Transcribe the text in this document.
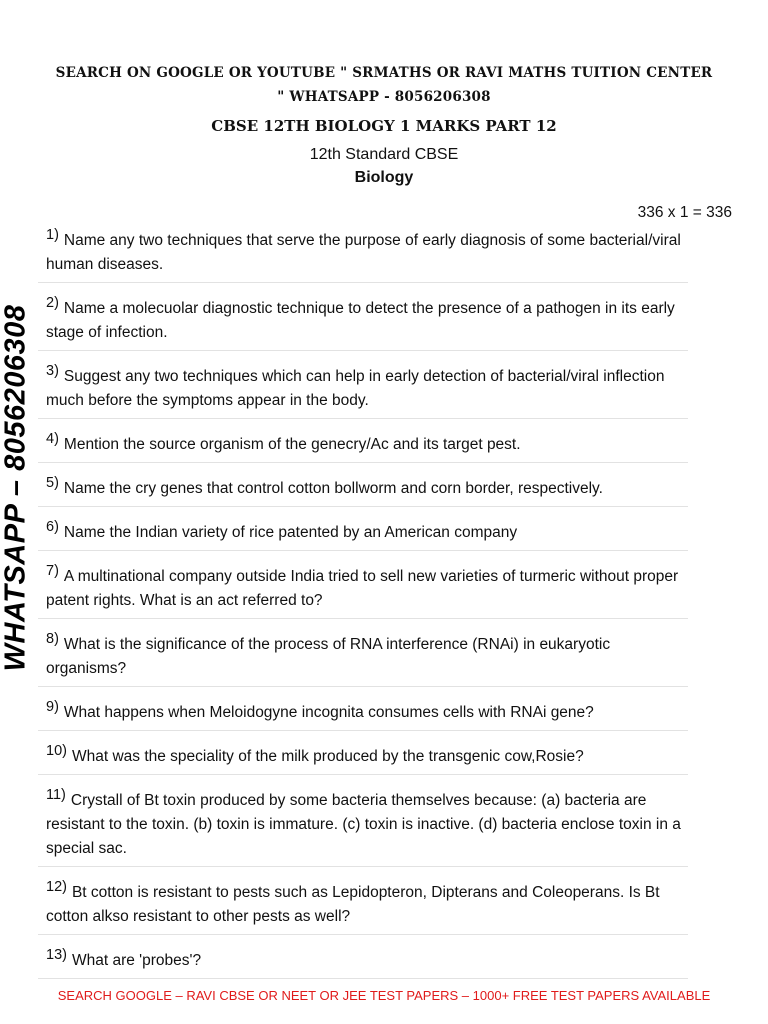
SEARCH ON GOOGLE OR YOUTUBE " SRMATHS OR RAVI MATHS TUITION CENTER
" WHATSAPP - 8056206308
CBSE 12TH BIOLOGY 1 MARKS PART 12
12th Standard CBSE
Biology
336 x 1 = 336
WHATSAPP – 8056206308
1) Name any two techniques that serve the purpose of early diagnosis of some bacterial/viral human diseases.
2) Name a molecuolar diagnostic technique to detect the presence of a pathogen in its early stage of infection.
3) Suggest any two techniques which can help in early detection of bacterial/viral inflection much before the symptoms appear in the body.
4) Mention the source organism of the genecry/Ac and its target pest.
5) Name the cry genes that control cotton bollworm and corn border, respectively.
6) Name the Indian variety of rice patented by an American company
7) A multinational company outside India tried to sell new varieties of turmeric without proper patent rights. What is an act referred to?
8) What is the significance of the process of RNA interference (RNAi) in eukaryotic organisms?
9) What happens when Meloidogyne incognita consumes cells with RNAi gene?
10) What was the speciality of the milk produced by the transgenic cow,Rosie?
11) Crystall of Bt toxin produced by some bacteria themselves because: (a) bacteria are resistant to the toxin. (b) toxin is immature. (c) toxin is inactive. (d) bacteria enclose toxin in a special sac.
12) Bt cotton is resistant to pests such as Lepidopteron, Dipterans and Coleoperans. Is Bt cotton alkso resistant to other pests as well?
13) What are 'probes'?
SEARCH GOOGLE – RAVI CBSE OR NEET OR JEE TEST PAPERS – 1000+ FREE TEST PAPERS AVAILABLE
